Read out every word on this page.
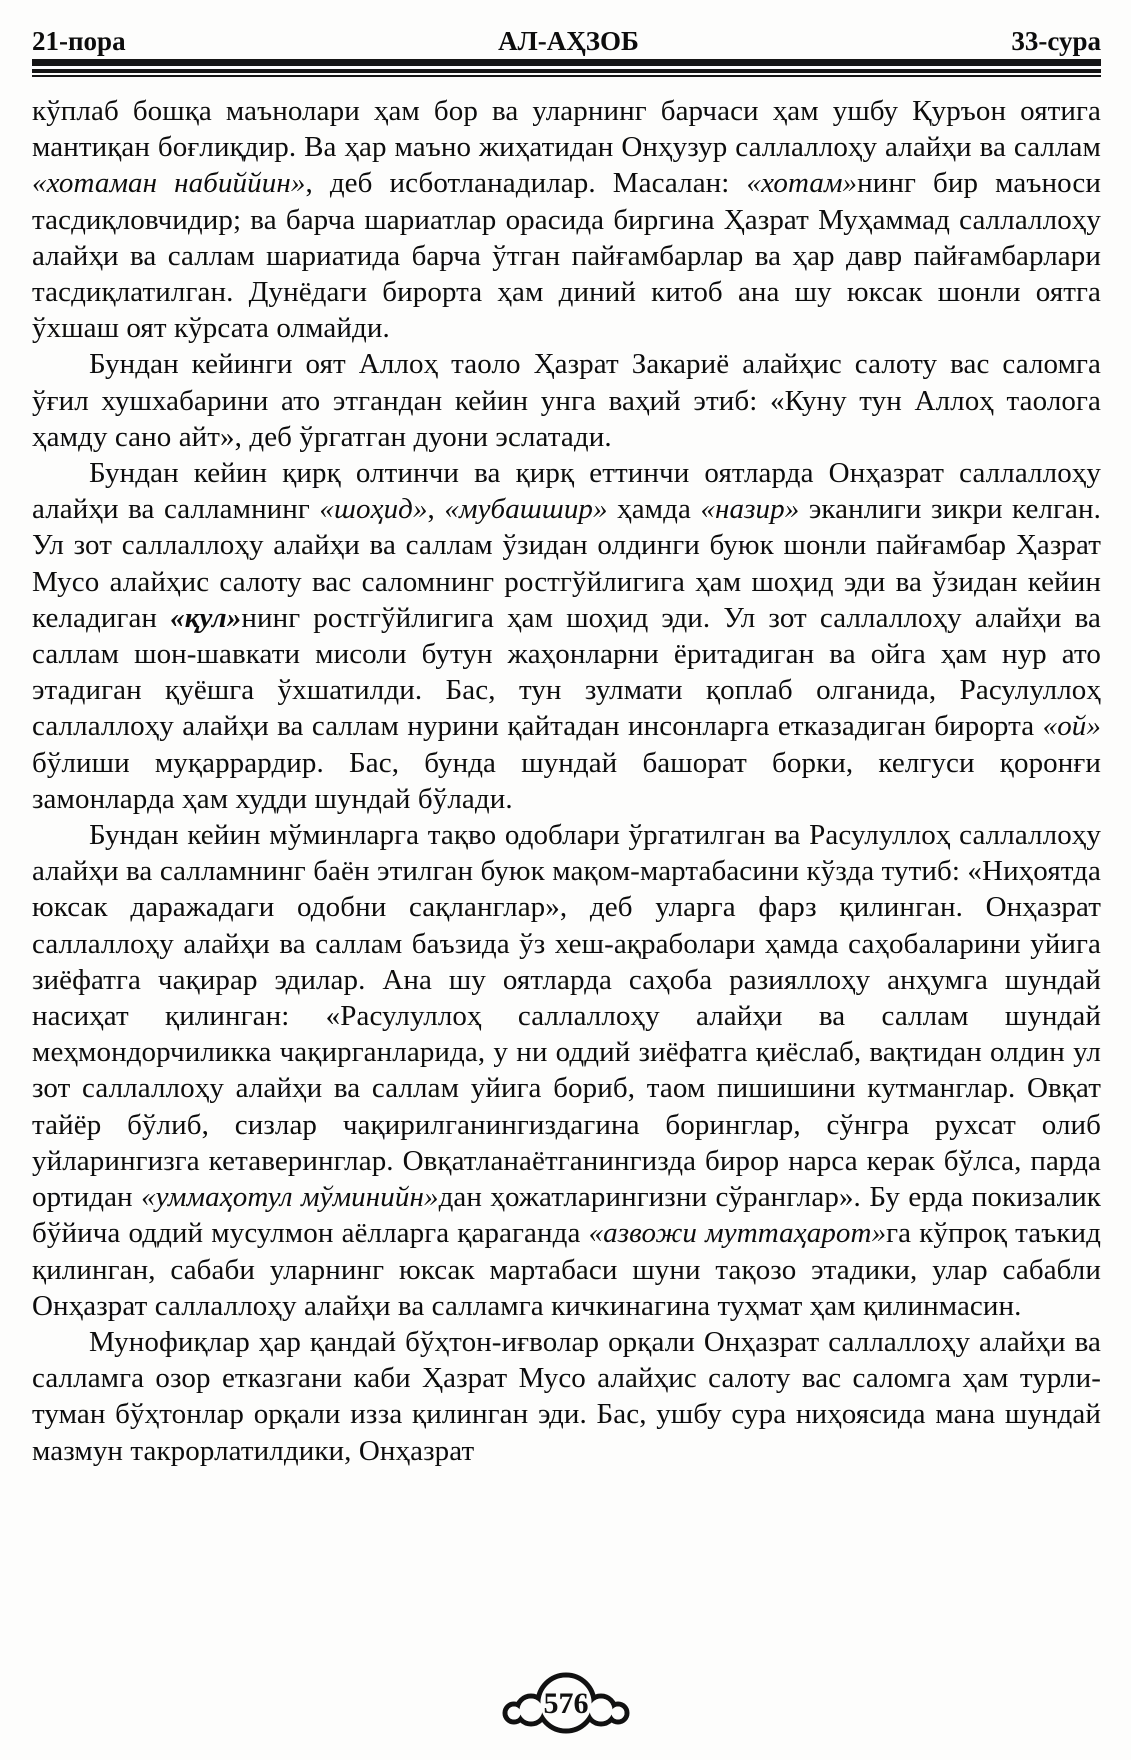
21-пора	АЛ-АҲЗОБ	33-сура

кўплаб бошқа маънолари ҳам бор ва уларнинг барчаси ҳам ушбу Қуръон оятига мантиқан боғлиқдир. Ва ҳар маъно жиҳатидан Онҳузур саллаллоҳу алайҳи ва саллам «хотаман набиййин», деб исботланадилар. Масалан: «хотам»нинг бир маъноси тасдиқловчидир; ва барча шариатлар орасида биргина Ҳазрат Муҳаммад саллаллоҳу алайҳи ва саллам шариатида барча ўтган пайғамбарлар ва ҳар давр пайғамбарлари тасдиқлатилган. Дунёдаги бирорта ҳам диний китоб ана шу юксак шонли оятга ўхшаш оят кўрсата олмайди.

Бундан кейинги оят Аллоҳ таоло Ҳазрат Закариё алайҳис салоту вас саломга ўғил хушхабарини ато этгандан кейин унга ваҳий этиб: «Куну тун Аллоҳ таолога ҳамду сано айт», деб ўргатган дуони эслатади.

Бундан кейин қирқ олтинчи ва қирқ еттинчи оятларда Онҳазрат саллаллоҳу алайҳи ва салламнинг «шоҳид», «мубашшир» ҳамда «назир» эканлиги зикри келган. Ул зот саллаллоҳу алайҳи ва саллам ўзидан олдинги буюк шонли пайғамбар Ҳазрат Мусо алайҳис салоту вас саломнинг ростгўйлигига ҳам шоҳид эди ва ўзидан кейин келадиган «қул»нинг ростгўйлигига ҳам шоҳид эди. Ул зот саллаллоҳу алайҳи ва саллам шон-шавкати мисоли бутун жаҳонларни ёритадиган ва ойга ҳам нур ато этадиган қуёшга ўхшатилди. Бас, тун зулмати қоплаб олганида, Расулуллоҳ саллаллоҳу алайҳи ва саллам нурини қайтадан инсонларга етказадиган бирорта «ой» бўлиши муқаррардир. Бас, бунда шундай башорат борки, келгуси қоронғи замонларда ҳам худди шундай бўлади.

Бундан кейин мўминларга тақво одоблари ўргатилган ва Расулуллоҳ саллаллоҳу алайҳи ва салламнинг баён этилган буюк мақом-мартабасини кўзда тутиб: «Ниҳоятда юксак даражадаги одобни сақланглар», деб уларга фарз қилинган. Онҳазрат саллаллоҳу алайҳи ва саллам баъзида ўз хеш-ақраболари ҳамда саҳобаларини уйига зиёфатга чақирар эдилар. Ана шу оятларда саҳоба разияллоҳу анҳумга шундай насиҳат қилинган: «Расулуллоҳ саллаллоҳу алайҳи ва саллам шундай меҳмондорчиликка чақирганларида, у ни оддий зиёфатга қиёслаб, вақтидан олдин ул зот саллаллоҳу алайҳи ва саллам уйига бориб, таом пишишини кутманглар. Овқат тайёр бўлиб, сизлар чақирилганингиздагина боринглар, сўнгра рухсат олиб уйларингизга кетаверинглар. Овқатланаётганингизда бирор нарса керак бўлса, парда ортидан «уммаҳотул мўминийн»дан ҳожатларингизни сўранглар». Бу ерда покизалик бўйича оддий мусулмон аёлларга қараганда «азвожи муттаҳарот»га кўпроқ таъкид қилинган, сабаби уларнинг юксак мартабаси шуни тақозо этадики, улар сабабли Онҳазрат саллаллоҳу алайҳи ва салламга кичкинагина туҳмат ҳам қилинмасин.

Мунофиқлар ҳар қандай бўҳтон-иғволар орқали Онҳазрат саллаллоҳу алайҳи ва салламга озор етказгани каби Ҳазрат Мусо алайҳис салоту вас саломга ҳам турли-туман бўҳтонлар орқали изза қилинган эди. Бас, ушбу сура ниҳоясида мана шундай мазмун такрорлатилдики, Онҳазрат

576
